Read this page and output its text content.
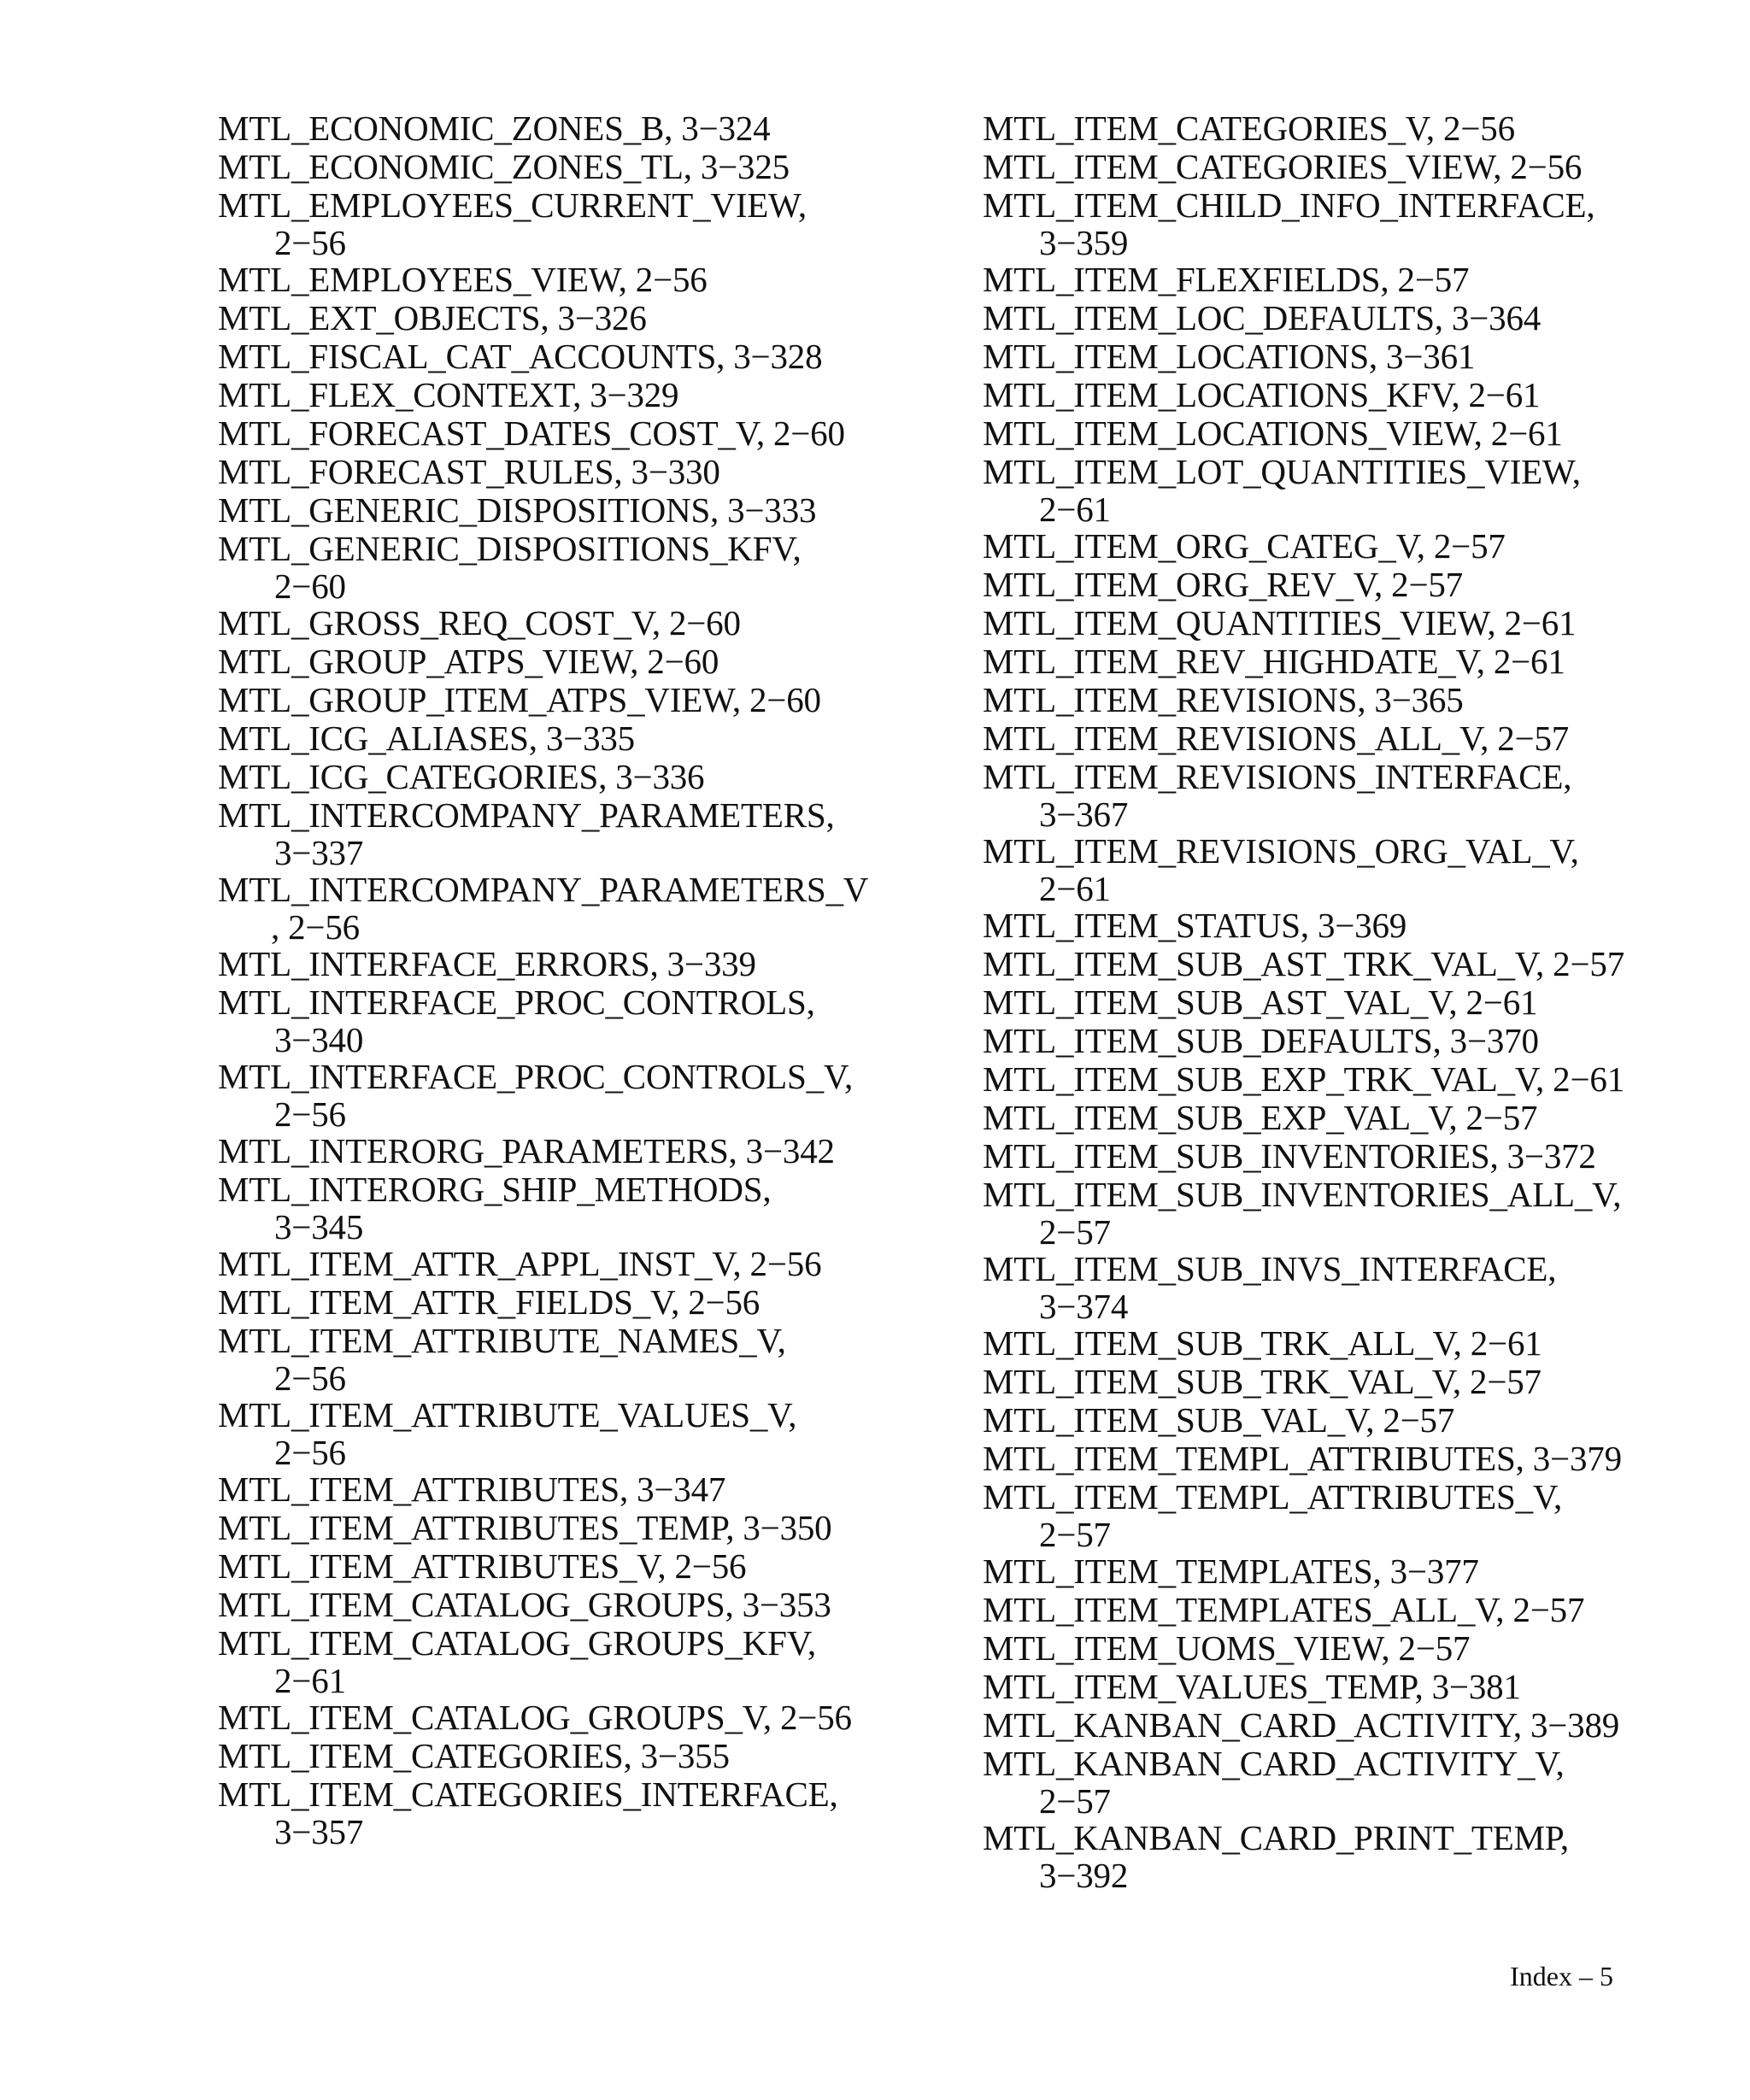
MTL_ECONOMIC_ZONES_B, 3−324
MTL_ECONOMIC_ZONES_TL, 3−325
MTL_EMPLOYEES_CURRENT_VIEW,
2−56
MTL_EMPLOYEES_VIEW, 2−56
MTL_EXT_OBJECTS, 3−326
MTL_FISCAL_CAT_ACCOUNTS, 3−328
MTL_FLEX_CONTEXT, 3−329
MTL_FORECAST_DATES_COST_V, 2−60
MTL_FORECAST_RULES, 3−330
MTL_GENERIC_DISPOSITIONS, 3−333
MTL_GENERIC_DISPOSITIONS_KFV,
2−60
MTL_GROSS_REQ_COST_V, 2−60
MTL_GROUP_ATPS_VIEW, 2−60
MTL_GROUP_ITEM_ATPS_VIEW, 2−60
MTL_ICG_ALIASES, 3−335
MTL_ICG_CATEGORIES, 3−336
MTL_INTERCOMPANY_PARAMETERS,
3−337
MTL_INTERCOMPANY_PARAMETERS_V
, 2−56
MTL_INTERFACE_ERRORS, 3−339
MTL_INTERFACE_PROC_CONTROLS,
3−340
MTL_INTERFACE_PROC_CONTROLS_V,
2−56
MTL_INTERORG_PARAMETERS, 3−342
MTL_INTERORG_SHIP_METHODS,
3−345
MTL_ITEM_ATTR_APPL_INST_V, 2−56
MTL_ITEM_ATTR_FIELDS_V, 2−56
MTL_ITEM_ATTRIBUTE_NAMES_V,
2−56
MTL_ITEM_ATTRIBUTE_VALUES_V,
2−56
MTL_ITEM_ATTRIBUTES, 3−347
MTL_ITEM_ATTRIBUTES_TEMP, 3−350
MTL_ITEM_ATTRIBUTES_V, 2−56
MTL_ITEM_CATALOG_GROUPS, 3−353
MTL_ITEM_CATALOG_GROUPS_KFV,
2−61
MTL_ITEM_CATALOG_GROUPS_V, 2−56
MTL_ITEM_CATEGORIES, 3−355
MTL_ITEM_CATEGORIES_INTERFACE,
3−357
MTL_ITEM_CATEGORIES_V, 2−56
MTL_ITEM_CATEGORIES_VIEW, 2−56
MTL_ITEM_CHILD_INFO_INTERFACE,
3−359
MTL_ITEM_FLEXFIELDS, 2−57
MTL_ITEM_LOC_DEFAULTS, 3−364
MTL_ITEM_LOCATIONS, 3−361
MTL_ITEM_LOCATIONS_KFV, 2−61
MTL_ITEM_LOCATIONS_VIEW, 2−61
MTL_ITEM_LOT_QUANTITIES_VIEW,
2−61
MTL_ITEM_ORG_CATEG_V, 2−57
MTL_ITEM_ORG_REV_V, 2−57
MTL_ITEM_QUANTITIES_VIEW, 2−61
MTL_ITEM_REV_HIGHDATE_V, 2−61
MTL_ITEM_REVISIONS, 3−365
MTL_ITEM_REVISIONS_ALL_V, 2−57
MTL_ITEM_REVISIONS_INTERFACE,
3−367
MTL_ITEM_REVISIONS_ORG_VAL_V,
2−61
MTL_ITEM_STATUS, 3−369
MTL_ITEM_SUB_AST_TRK_VAL_V, 2−57
MTL_ITEM_SUB_AST_VAL_V, 2−61
MTL_ITEM_SUB_DEFAULTS, 3−370
MTL_ITEM_SUB_EXP_TRK_VAL_V, 2−61
MTL_ITEM_SUB_EXP_VAL_V, 2−57
MTL_ITEM_SUB_INVENTORIES, 3−372
MTL_ITEM_SUB_INVENTORIES_ALL_V,
2−57
MTL_ITEM_SUB_INVS_INTERFACE,
3−374
MTL_ITEM_SUB_TRK_ALL_V, 2−61
MTL_ITEM_SUB_TRK_VAL_V, 2−57
MTL_ITEM_SUB_VAL_V, 2−57
MTL_ITEM_TEMPL_ATTRIBUTES, 3−379
MTL_ITEM_TEMPL_ATTRIBUTES_V,
2−57
MTL_ITEM_TEMPLATES, 3−377
MTL_ITEM_TEMPLATES_ALL_V, 2−57
MTL_ITEM_UOMS_VIEW, 2−57
MTL_ITEM_VALUES_TEMP, 3−381
MTL_KANBAN_CARD_ACTIVITY, 3−389
MTL_KANBAN_CARD_ACTIVITY_V,
2−57
MTL_KANBAN_CARD_PRINT_TEMP,
3−392
Index – 5
